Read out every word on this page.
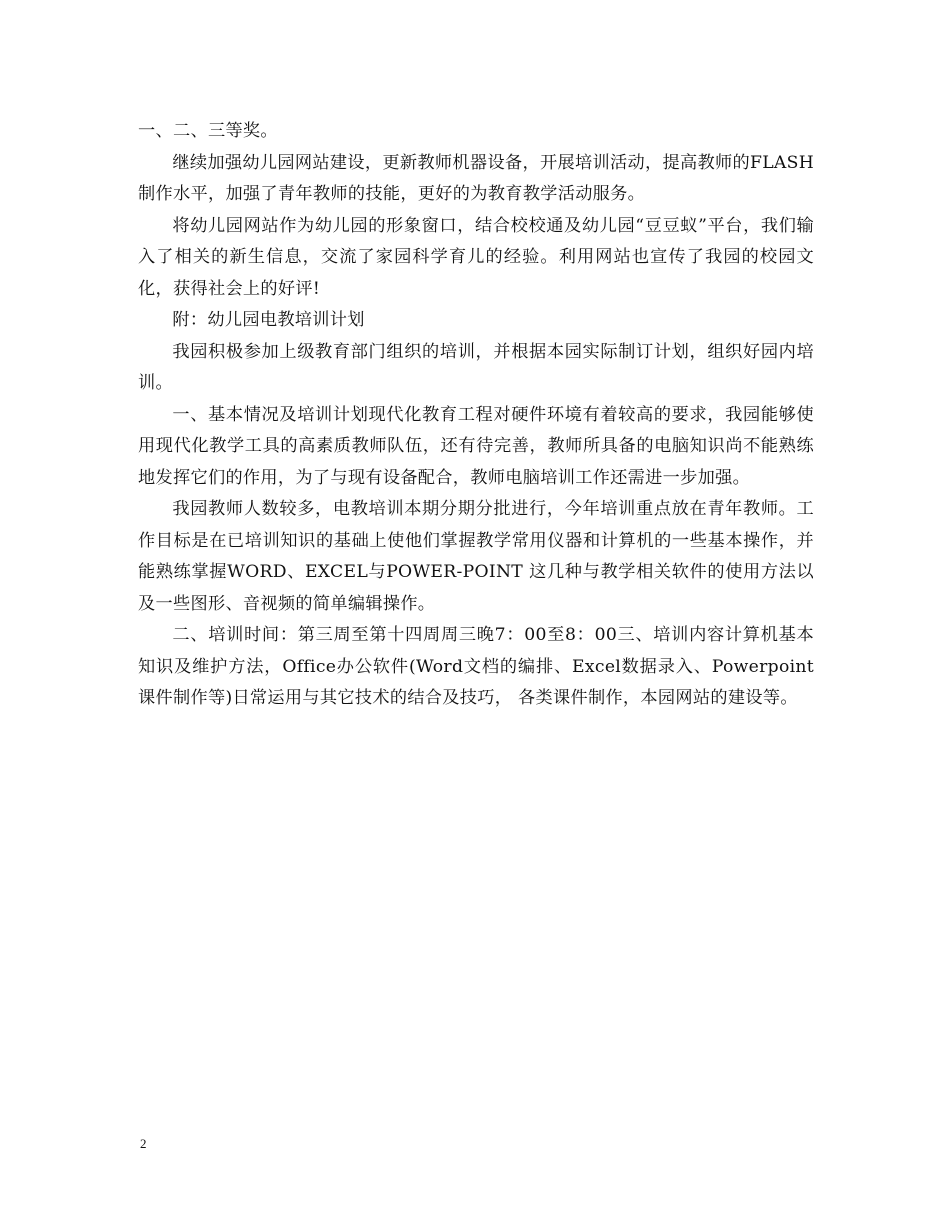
一、二、三等奖。

继续加强幼儿园网站建设，更新教师机器设备，开展培训活动，提高教师的FLASH制作水平，加强了青年教师的技能，更好的为教育教学活动服务。

将幼儿园网站作为幼儿园的形象窗口，结合校校通及幼儿园“豆豆蚁”平台，我们输入了相关的新生信息，交流了家园科学育儿的经验。利用网站也宣传了我园的校园文化，获得社会上的好评!

附：幼儿园电教培训计划

我园积极参加上级教育部门组织的培训，并根据本园实际制订计划，组织好园内培训。

一、基本情况及培训计划现代化教育工程对硬件环境有着较高的要求，我园能够使用现代化教学工具的高素质教师队伍，还有待完善，教师所具备的电脑知识尚不能熟练地发挥它们的作用，为了与现有设备配合，教师电脑培训工作还需进一步加强。

我园教师人数较多，电教培训本期分期分批进行，今年培训重点放在青年教师。工作目标是在已培训知识的基础上使他们掌握教学常用仪器和计算机的一些基本操作，并能熟练掌握WORD、EXCEL与POWER-POINT 这几种与教学相关软件的使用方法以及一些图形、音视频的简单编辑操作。

二、培训时间：第三周至第十四周周三晚7：00至8：00三、培训内容计算机基本知识及维护方法，Office办公软件(Word文档的编排、Excel数据录入、Powerpoint课件制作等)日常运用与其它技术的结合及技巧， 各类课件制作，本园网站的建设等。

2
